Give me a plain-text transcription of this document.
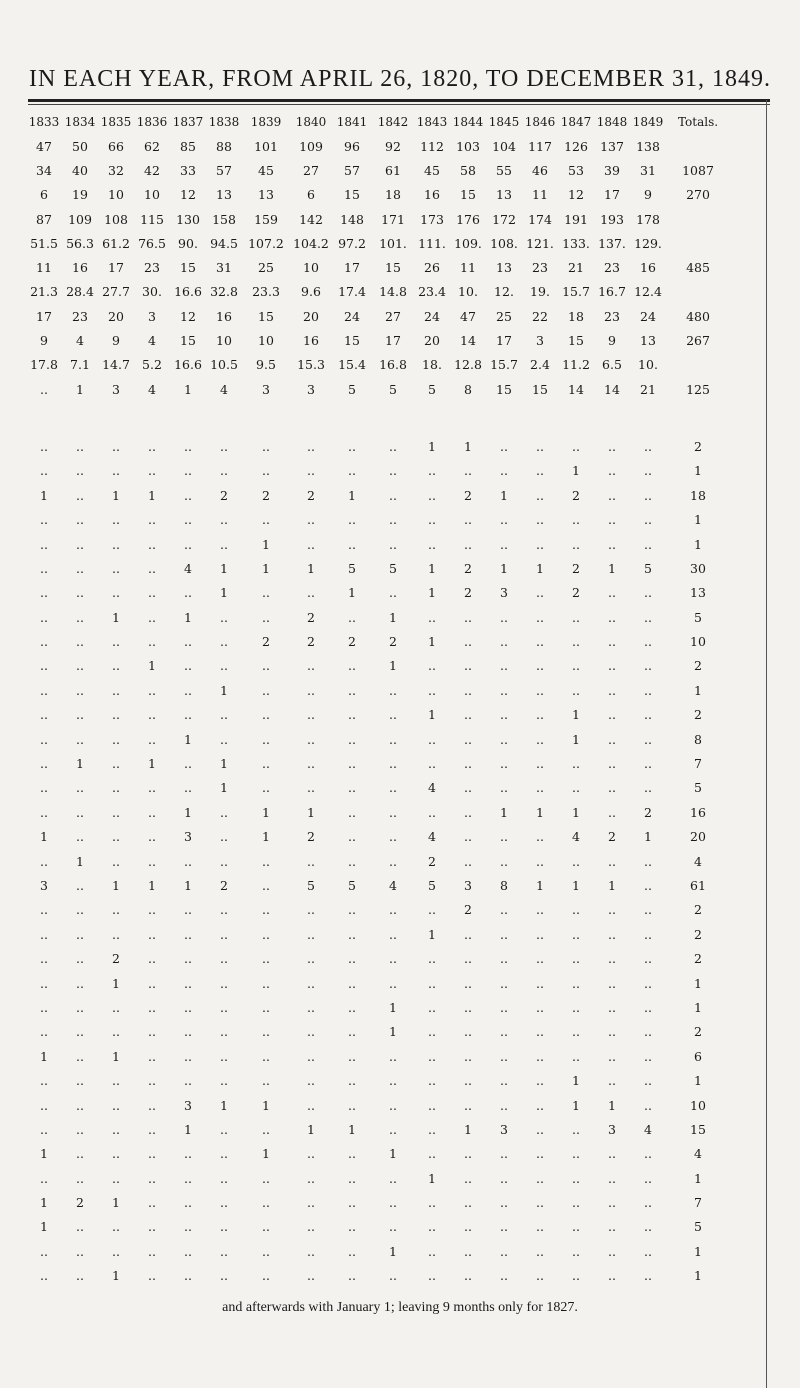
IN EACH YEAR, FROM APRIL 26, 1820, TO DECEMBER 31, 1849.
1833	1834	1835	1836	1837	1838	1839	1840	1841	1842	1843	1844	1845	1846	1847	1848	1849	Totals.
47	50	66	62	85	88	101	109	96	92	112	103	104	117	126	137	138	
34	40	32	42	33	57	45	27	57	61	45	58	55	46	53	39	31	1087
6	19	10	10	12	13	13	6	15	18	16	15	13	11	12	17	9	270
87	109	108	115	130	158	159	142	148	171	173	176	172	174	191	193	178	
51.5	56.3	61.2	76.5	90.	94.5	107.2	104.2	97.2	101.	111.	109.	108.	121.	133.	137.	129.	
11	16	17	23	15	31	25	10	17	15	26	11	13	23	21	23	16	485
21.3	28.4	27.7	30.	16.6	32.8	23.3	9.6	17.4	14.8	23.4	10.	12.	19.	15.7	16.7	12.4	
17	23	20	3	12	16	15	20	24	27	24	47	25	22	18	23	24	480
9	4	9	4	15	10	10	16	15	17	20	14	17	3	15	9	13	267
17.8	7.1	14.7	5.2	16.6	10.5	9.5	15.3	15.4	16.8	18.	12.8	15.7	2.4	11.2	6.5	10.	
..	1	3	4	1	4	3	3	5	5	5	8	15	15	14	14	21	125

..	..	..	..	..	..	..	..	..	..	1	1	..	..	..	..	..	2
..	..	..	..	..	..	..	..	..	..	..	..	..	..	1	..	..	1
1	..	1	1	..	2	2	2	1	..	..	2	1	..	2	..	..	18
..	..	..	..	..	..	..	..	..	..	..	..	..	..	..	..	..	1
..	..	..	..	..	..	1	..	..	..	..	..	..	..	..	..	..	1
..	..	..	..	4	1	1	1	5	5	1	2	1	1	2	1	5	30
..	..	..	..	..	1	..	..	1	..	1	2	3	..	2	..	..	13
..	..	1	..	1	..	..	2	..	1	..	..	..	..	..	..	..	5
..	..	..	..	..	..	2	2	2	2	1	..	..	..	..	..	..	10
..	..	..	1	..	..	..	..	..	1	..	..	..	..	..	..	..	2
..	..	..	..	..	1	..	..	..	..	..	..	..	..	..	..	..	1
..	..	..	..	..	..	..	..	..	..	1	..	..	..	1	..	..	2
..	..	..	..	1	..	..	..	..	..	..	..	..	..	1	..	..	8
..	1	..	1	..	1	..	..	..	..	..	..	..	..	..	..	..	7
..	..	..	..	..	1	..	..	..	..	4	..	..	..	..	..	..	5
..	..	..	..	1	..	1	1	..	..	..	..	1	1	1	..	2	16
1	..	..	..	3	..	1	2	..	..	4	..	..	..	4	2	1	20
..	1	..	..	..	..	..	..	..	..	2	..	..	..	..	..	..	4
3	..	1	1	1	2	..	5	5	4	5	3	8	1	1	1	..	61
..	..	..	..	..	..	..	..	..	..	..	2	..	..	..	..	..	2
..	..	..	..	..	..	..	..	..	..	1	..	..	..	..	..	..	2
..	..	2	..	..	..	..	..	..	..	..	..	..	..	..	..	..	2
..	..	1	..	..	..	..	..	..	..	..	..	..	..	..	..	..	1
..	..	..	..	..	..	..	..	..	1	..	..	..	..	..	..	..	1
..	..	..	..	..	..	..	..	..	1	..	..	..	..	..	..	..	2
1	..	1	..	..	..	..	..	..	..	..	..	..	..	..	..	..	6
..	..	..	..	..	..	..	..	..	..	..	..	..	..	1	..	..	1
..	..	..	..	3	1	1	..	..	..	..	..	..	..	1	1	..	10
..	..	..	..	1	..	..	1	1	..	..	1	3	..	..	3	4	15
1	..	..	..	..	..	1	..	..	1	..	..	..	..	..	..	..	4
..	..	..	..	..	..	..	..	..	..	1	..	..	..	..	..	..	1
1	2	1	..	..	..	..	..	..	..	..	..	..	..	..	..	..	7
1	..	..	..	..	..	..	..	..	..	..	..	..	..	..	..	..	5
..	..	..	..	..	..	..	..	..	1	..	..	..	..	..	..	..	1
..	..	1	..	..	..	..	..	..	..	..	..	..	..	..	..	..	1
and afterwards with January 1; leaving 9 months only for 1827.
